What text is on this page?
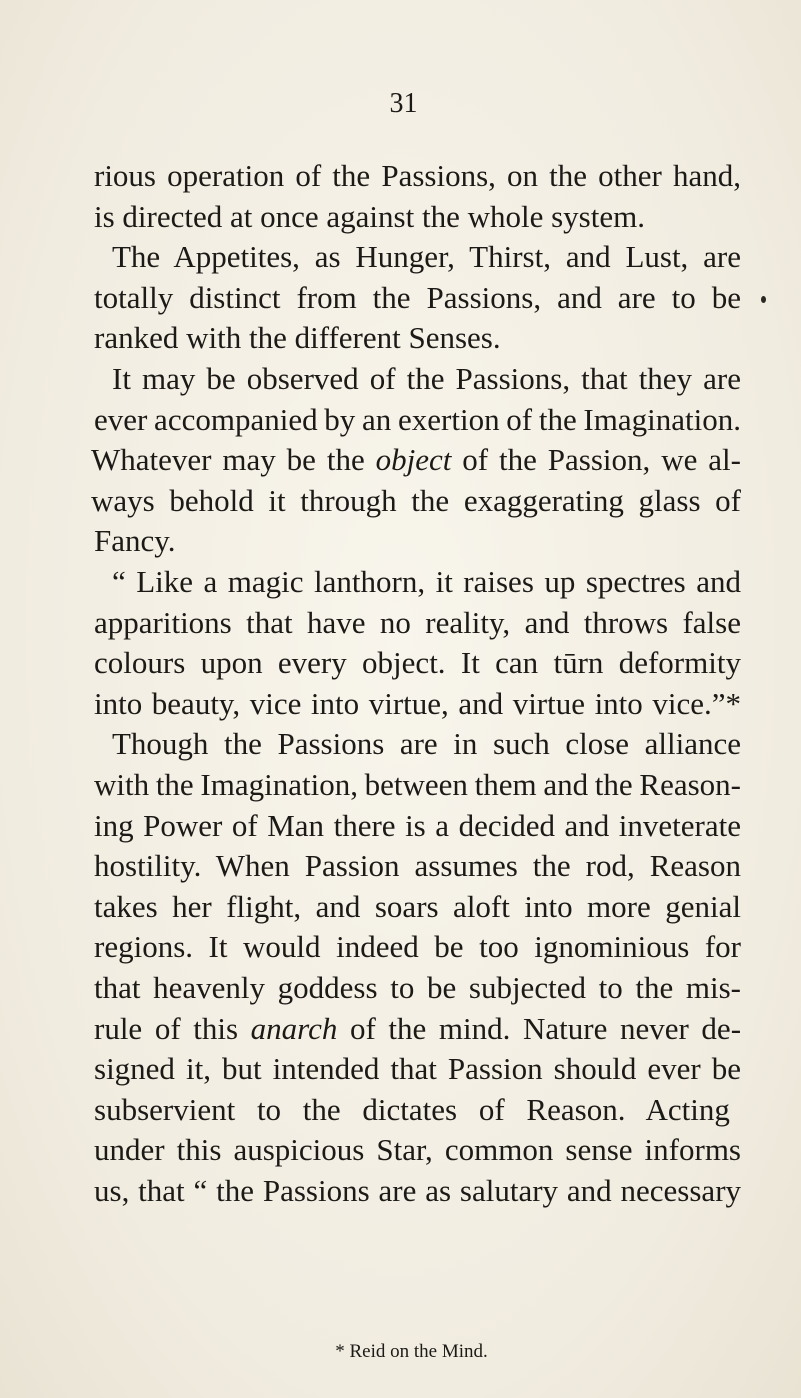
31
rious operation of the Passions, on the other hand,
is directed at once against the whole system.
The Appetites, as Hunger, Thirst, and Lust, are
totally distinct from the Passions, and are to be
ranked with the different Senses.
It may be observed of the Passions, that they are
ever accompanied by an exertion of the Imagination.
Whatever may be the object of the Passion, we al-
ways behold it through the exaggerating glass of
Fancy.
“ Like a magic lanthorn, it raises up spectres and
apparitions that have no reality, and throws false
colours upon every object. It can tūrn deformity
into beauty, vice into virtue, and virtue into vice.”*
Though the Passions are in such close alliance
with the Imagination, between them and the Reason-
ing Power of Man there is a decided and inveterate
hostility. When Passion assumes the rod, Reason
takes her flight, and soars aloft into more genial
regions. It would indeed be too ignominious for
that heavenly goddess to be subjected to the mis-
rule of this anarch of the mind. Nature never de-
signed it, but intended that Passion should ever be
subservient to the dictates of Reason. Acting
under this auspicious Star, common sense informs
us, that “ the Passions are as salutary and necessary
* Reid on the Mind.
